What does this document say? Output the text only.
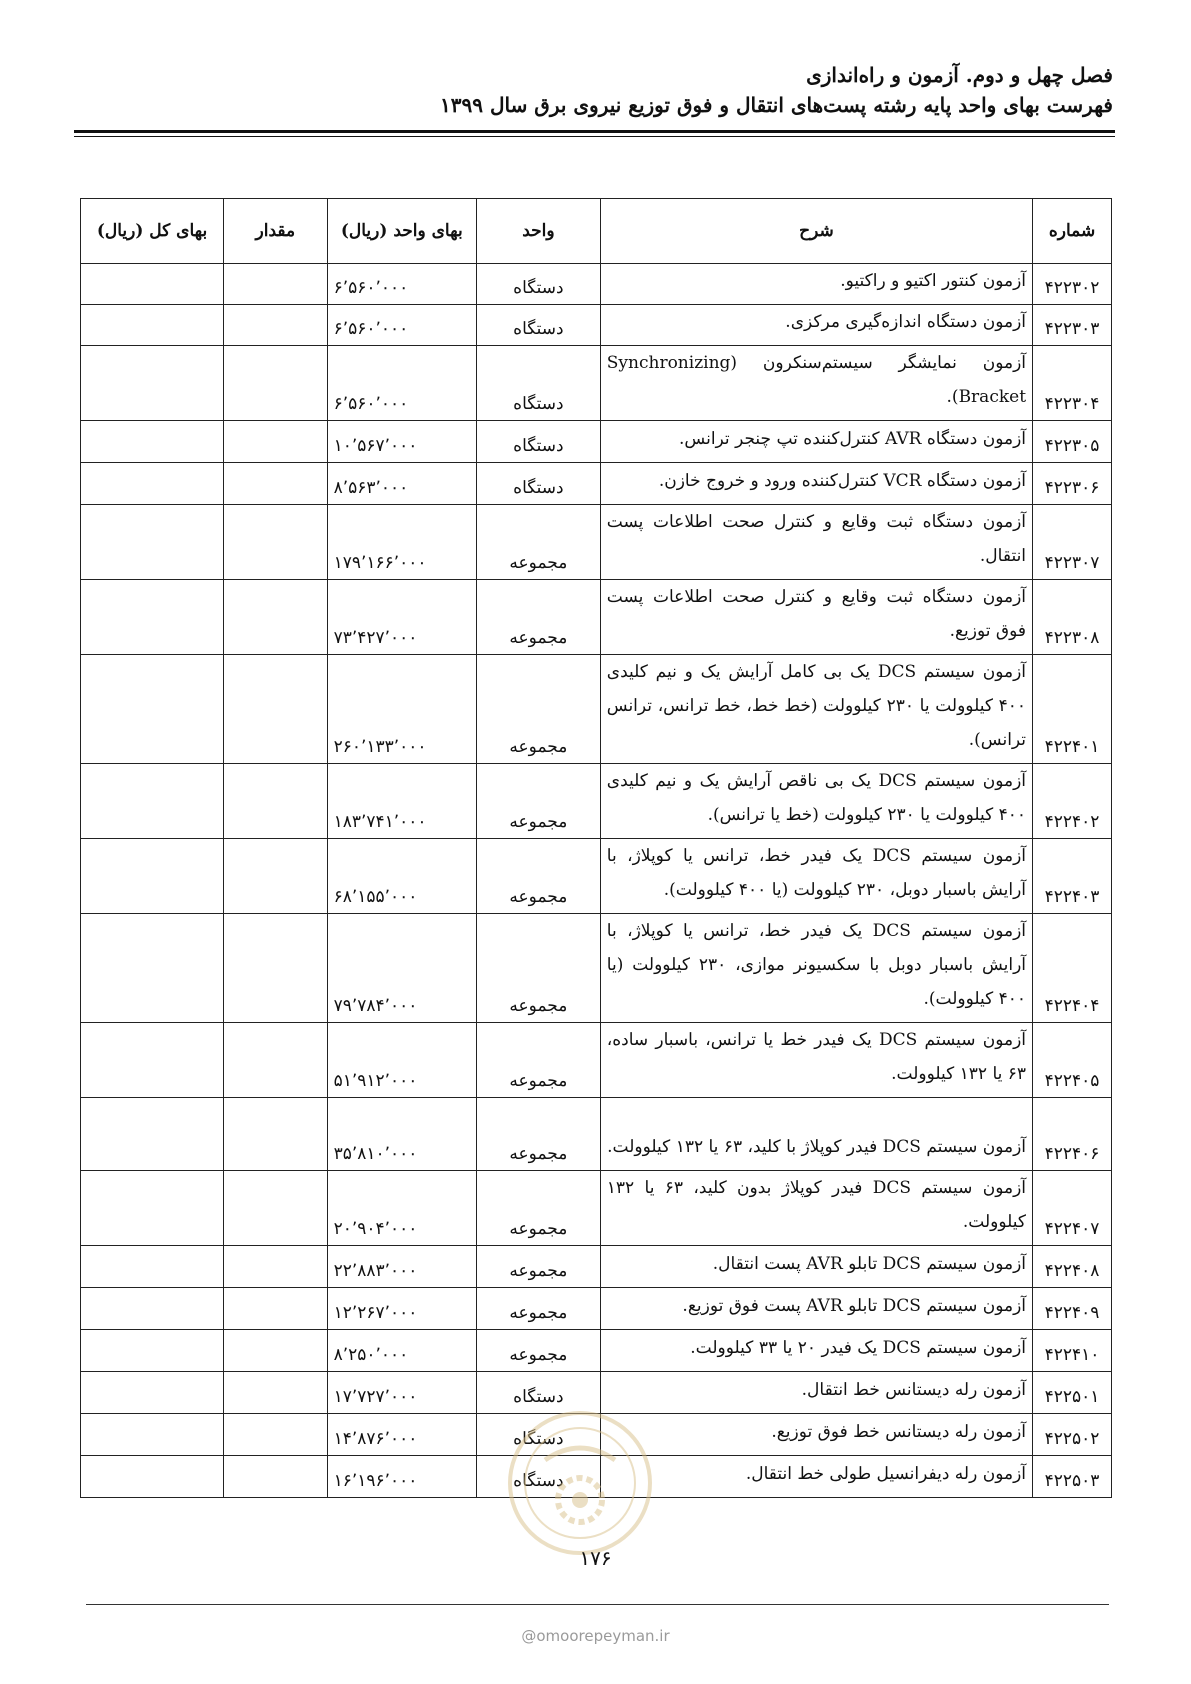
فصل چهل و دوم. آزمون و راه‌اندازی
فهرست بهای واحد پایه رشته پست‌های انتقال و فوق توزیع نیروی برق سال ۱۳۹۹
شماره	شرح	واحد	بهای واحد (ریال)	مقدار	بهای کل (ریال)
۴۲۲۳۰۲	آزمون کنتور اکتیو و راکتیو.	دستگاه	۶٬۵۶۰٬۰۰۰		
۴۲۲۳۰۳	آزمون دستگاه اندازه‌گیری مرکزی.	دستگاه	۶٬۵۶۰٬۰۰۰		
۴۲۲۳۰۴	آزمون نمایشگر سیستم‌سنکرون (Synchronizing Bracket).	دستگاه	۶٬۵۶۰٬۰۰۰		
۴۲۲۳۰۵	آزمون دستگاه AVR کنترل‌کننده تپ چنجر ترانس.	دستگاه	۱۰٬۵۶۷٬۰۰۰		
۴۲۲۳۰۶	آزمون دستگاه VCR کنترل‌کننده ورود و خروج خازن.	دستگاه	۸٬۵۶۳٬۰۰۰		
۴۲۲۳۰۷	آزمون دستگاه ثبت وقایع و کنترل صحت اطلاعات پست انتقال.	مجموعه	۱۷۹٬۱۶۶٬۰۰۰		
۴۲۲۳۰۸	آزمون دستگاه ثبت وقایع و کنترل صحت اطلاعات پست فوق توزیع.	مجموعه	۷۳٬۴۲۷٬۰۰۰		
۴۲۲۴۰۱	آزمون سیستم DCS یک بی کامل آرایش یک و نیم کلیدی ۴۰۰ کیلوولت یا ۲۳۰ کیلوولت (خط خط، خط ترانس، ترانس ترانس).	مجموعه	۲۶۰٬۱۳۳٬۰۰۰		
۴۲۲۴۰۲	آزمون سیستم DCS یک بی ناقص آرایش یک و نیم کلیدی ۴۰۰ کیلوولت یا ۲۳۰ کیلوولت (خط یا ترانس).	مجموعه	۱۸۳٬۷۴۱٬۰۰۰		
۴۲۲۴۰۳	آزمون سیستم DCS یک فیدر خط، ترانس یا کوپلاژ، با آرایش باسبار دوبل، ۲۳۰ کیلوولت (یا ۴۰۰ کیلوولت).	مجموعه	۶۸٬۱۵۵٬۰۰۰		
۴۲۲۴۰۴	آزمون سیستم DCS یک فیدر خط، ترانس یا کوپلاژ، با آرایش باسبار دوبل با سکسیونر موازی، ۲۳۰ کیلوولت (یا ۴۰۰ کیلوولت).	مجموعه	۷۹٬۷۸۴٬۰۰۰		
۴۲۲۴۰۵	آزمون سیستم DCS یک فیدر خط یا ترانس، باسبار ساده، ۶۳ یا ۱۳۲ کیلوولت.	مجموعه	۵۱٬۹۱۲٬۰۰۰		
۴۲۲۴۰۶	آزمون سیستم DCS فیدر کوپلاژ با کلید، ۶۳ یا ۱۳۲ کیلوولت.	مجموعه	۳۵٬۸۱۰٬۰۰۰		
۴۲۲۴۰۷	آزمون سیستم DCS فیدر کوپلاژ بدون کلید، ۶۳ یا ۱۳۲ کیلوولت.	مجموعه	۲۰٬۹۰۴٬۰۰۰		
۴۲۲۴۰۸	آزمون سیستم DCS تابلو AVR پست انتقال.	مجموعه	۲۲٬۸۸۳٬۰۰۰		
۴۲۲۴۰۹	آزمون سیستم DCS تابلو AVR پست فوق توزیع.	مجموعه	۱۲٬۲۶۷٬۰۰۰		
۴۲۲۴۱۰	آزمون سیستم DCS یک فیدر ۲۰ یا ۳۳ کیلوولت.	مجموعه	۸٬۲۵۰٬۰۰۰		
۴۲۲۵۰۱	آزمون رله دیستانس خط انتقال.	دستگاه	۱۷٬۷۲۷٬۰۰۰		
۴۲۲۵۰۲	آزمون رله دیستانس خط فوق توزیع.	دستگاه	۱۴٬۸۷۶٬۰۰۰		
۴۲۲۵۰۳	آزمون رله دیفرانسیل طولی خط انتقال.	دستگاه	۱۶٬۱۹۶٬۰۰۰		
۱۷۶
@omoorepeyman.ir
